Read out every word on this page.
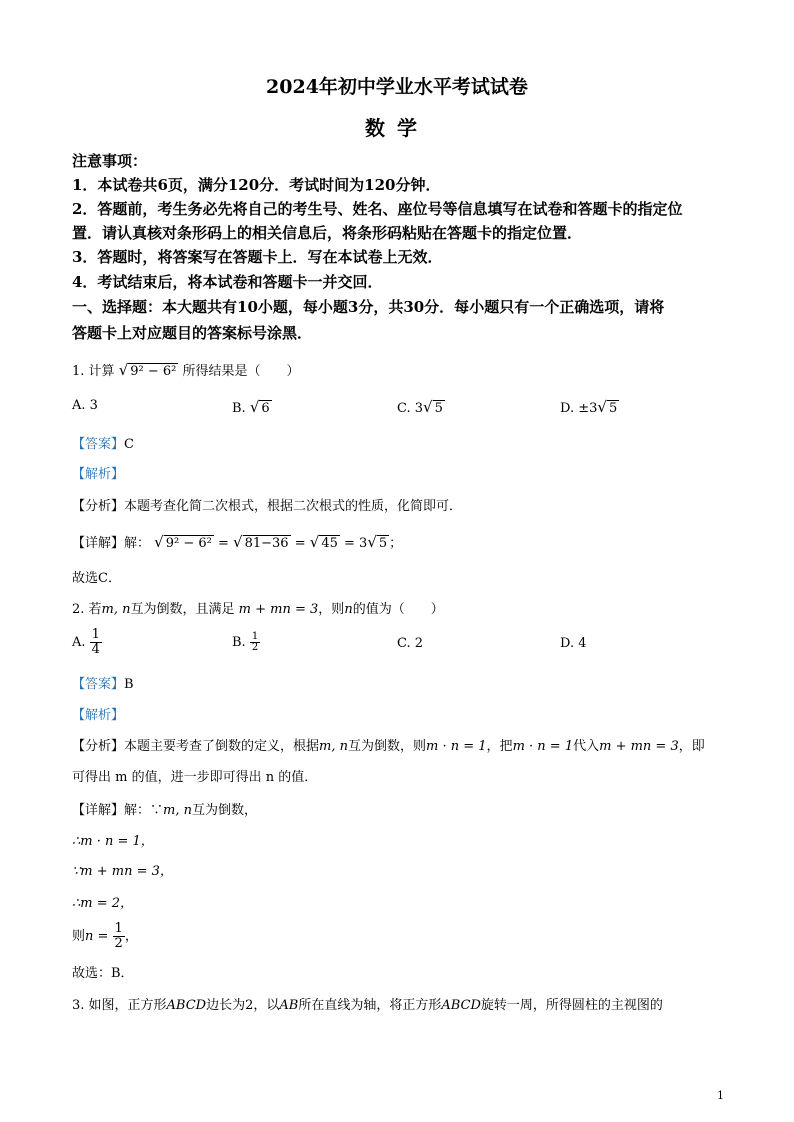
2024年初中学业水平考试试卷
数学
注意事项：
1．本试卷共6页，满分120分．考试时间为120分钟．
2．答题前，考生务必先将自己的考生号、姓名、座位号等信息填写在试卷和答题卡的指定位
置．请认真核对条形码上的相关信息后，将条形码粘贴在答题卡的指定位置．
3．答题时，将答案写在答题卡上．写在本试卷上无效．
4．考试结束后，将本试卷和答题卡一并交回．
一、选择题：本大题共有10小题，每小题3分，共30分．每小题只有一个正确选项，请将
答题卡上对应题目的答案标号涂黑．
1. 计算 √ 9² − 6² 所得结果是（　　）
A. 3	B. √ 6	C. 3√ 5	D. ±3√ 5
【答案】C
【解析】
【分析】本题考查化简二次根式，根据二次根式的性质，化简即可．
【详解】解： √ 9² − 6² = √ 81−36 = √ 45 = 3√ 5 ；
故选C．
2. 若m, n互为倒数，且满足 m + mn = 3，则n的值为（　　）
A. $\frac{1}{4}$	B. $\frac{1}{2}$	C. 2	D. 4
【答案】B
【解析】
【分析】本题主要考查了倒数的定义，根据m, n互为倒数，则m · n = 1，把m · n = 1代入m + mn = 3，即
可得出 m 的值，进一步即可得出 n 的值．
【详解】解：∵m, n互为倒数，
∴m · n = 1，
∵m + mn = 3，
∴m = 2，
则$n = \frac{1}{2}$ ，
故选：B．
3. 如图，正方形ABCD边长为2，以AB所在直线为轴，将正方形ABCD旋转一周，所得圆柱的主视图的
1
